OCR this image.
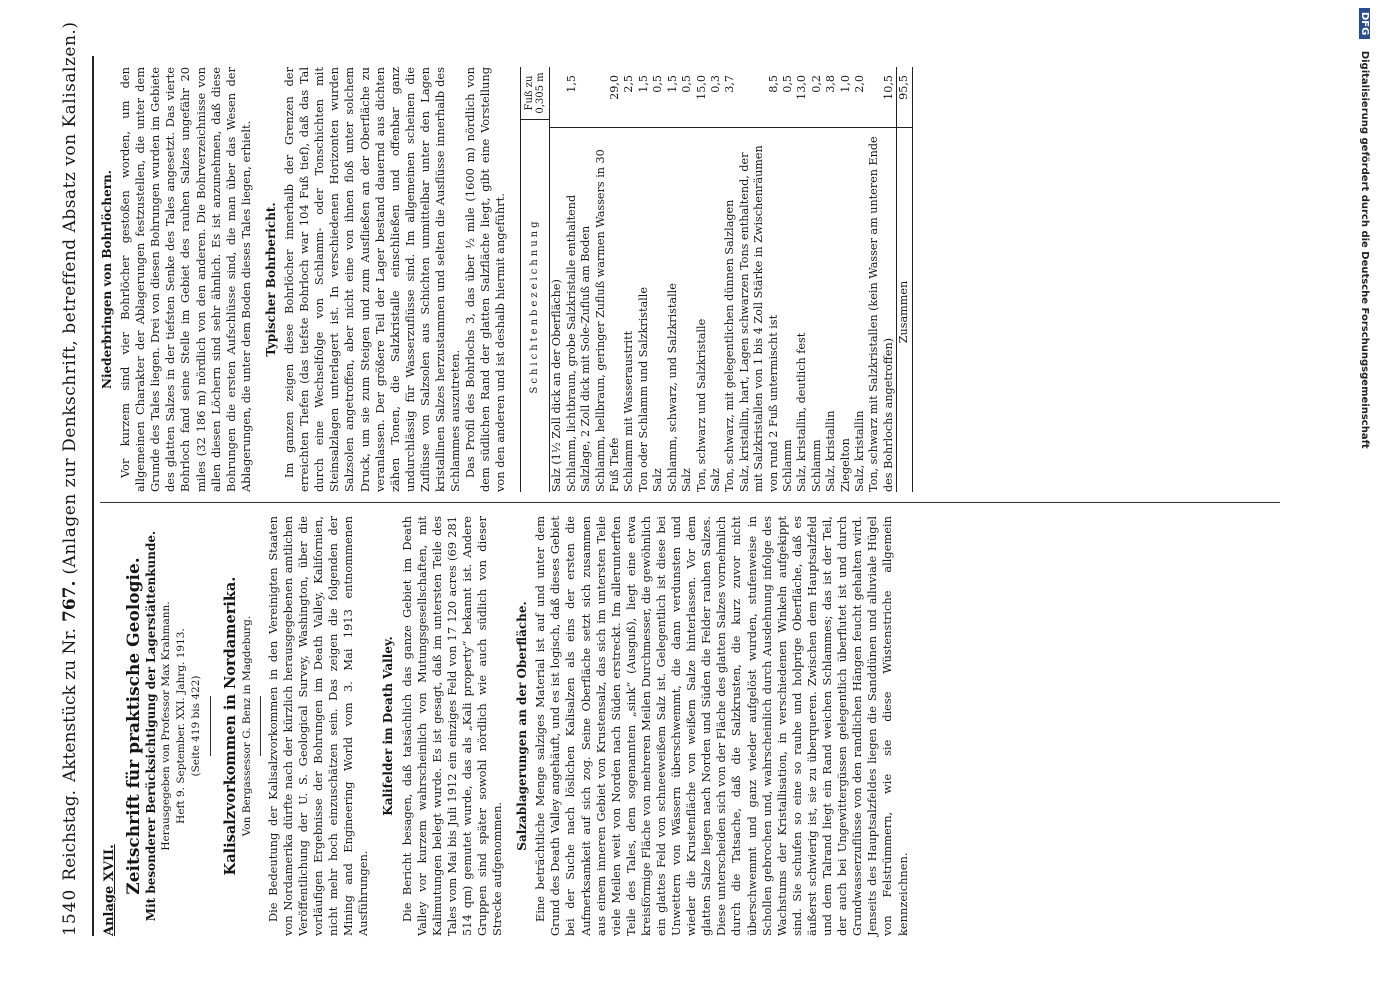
1540
Reichstag.
Aktenstück zu Nr.
767.
(Anlagen zur Denkschrift, betreffend Absatz von Kalisalzen.)

Anlage XVII. Zeitschrift für praktische Geologie. Mit besonderer Berücksichtigung der Lagerstättenkunde. Herausgegeben von Professor Max Krahmann. Heft 9. September. XXI. Jahrg. 1913. (Seite 419 bis 422) Kalisalzvorkommen in Nordamerika. Von Bergassessor G. Benz in Magdeburg. Die Bedeutung der Kalisalzvorkommen in den Vereinigten Staaten von Nordamerika dürfte nach der kürzlich herausgegebenen amtlichen Veröffentlichung der U. S. Geological Survey, Washington, über die vorläufigen Ergebnisse der Bohrungen im Death Valley, Kalifornien, nicht mehr hoch einzuschätzen sein. Das zeigen die folgenden der Mining and Engineering World vom 3. Mai 1913 entnommenen Ausführungen.

Kalifelder im Death Valley. Die Bericht besagen, daß tatsächlich das ganze Gebiet im Death Valley vor kurzem wahrscheinlich von Mutungsgesellschaften, mit Kalimutungen belegt wurde. Es ist gesagt, daß im untersten Teile des Tales vom Mai bis Juli 1912 ein einziges Feld von 17 120 acres (69 281 514 qm) gemutet wurde, das als „Kali property“ bekannt ist. Andere Gruppen sind später sowohl nördlich wie auch südlich von dieser Strecke aufgenommen.

Salzablagerungen an der Oberfläche. Eine beträchtliche Menge salziges Material ist auf und unter dem Grund des Death Valley angehäuft, und es ist logisch, daß dieses Gebiet bei der Suche nach löslichen Kalisalzen als eins der ersten die Aufmerksamkeit auf sich zog. Seine Oberfläche setzt sich zusammen aus einem inneren Gebiet von Krustensalz, das sich im untersten Teile viele Meilen weit von Norden nach Süden erstreckt. Im allerunterften Teile des Tales, dem sogenannten „sink“ (Ausguß), liegt eine etwa kreisförmige Fläche von mehreren Meilen Durchmesser, die gewöhnlich ein glattes Feld von schneeweißem Salz ist. Gelegentlich ist diese bei Unwettern von Wässern überschwemmt, die dann verdunsten und wieder die Krustenfläche von weißem Salze hinterlassen. Vor dem glatten Salze liegen nach Norden und Süden die Felder rauhen Salzes. Diese unterscheiden sich von der Fläche des glatten Salzes vornehmlich durch die Tatsache, daß die Salzkrusten, die kurz zuvor nicht überschwemmt und ganz wieder aufgelöst wurden, stufenweise in Schollen gebrochen und, wahrscheinlich durch Ausdehnung infolge des Wachstums der Kristallisation, in verschiedenen Winkeln aufgekippt sind. Sie schufen so eine so rauhe und holprige Oberfläche, daß es äußerst schwierig ist, sie zu überqueren. Zwischen dem Hauptsalzfeld und dem Talrand liegt ein Rand weichen Schlammes; das ist der Teil, der auch bei Ungewittergüssen gelegentlich überflutet ist und durch Grundwasserzuflüsse von den randlichen Hängen feucht gehalten wird. Jenseits des Hauptsalzfeldes liegen die Sanddünen und alluviale Hügel von Felstrümmern, wie sie diese Wüstenstriche allgemein kennzeichnen.

Niederbringen von Bohrlöchern. Vor kurzem sind vier Bohrlöcher gestoßen worden, um den allgemeinen Charakter der Ablagerungen festzustellen, die unter dem Grunde des Tales liegen. Drei von diesen Bohrungen wurden im Gebiete des glatten Salzes in der tiefsten Senke des Tales angesetzt. Das vierte Bohrloch fand seine Stelle im Gebiet des rauhen Salzes ungefähr 20 miles (32 186 m) nördlich von den anderen. Die Bohrverzeichnisse von allen diesen Löchern sind sehr ähnlich. Es ist anzunehmen, daß diese Bohrungen die ersten Aufschlüsse sind, die man über das Wesen der Ablagerungen, die unter dem Boden dieses Tales liegen, erhielt. Typischer Bohrbericht. Im ganzen zeigen diese Bohrlöcher innerhalb der Grenzen der erreichten Tiefen (das tiefste Bohrloch war 104 Fuß tief), daß das Tal durch eine Wechselfolge von Schlamm- oder Tonschichten mit Steinsalzlagen unterlagert ist. In verschiedenen Horizonten wurden Salzsolen angetroffen, aber nicht eine von ihnen floß unter solchem Druck, um sie zum Steigen und zum Ausfließen an der Oberfläche zu veranlassen. Der größere Teil der Lager bestand dauernd aus dichten zähen Tonen, die Salzkristalle einschließen und offenbar ganz undurchlässig für Wasserzuflüsse sind. Im allgemeinen scheinen die Zuflüsse von Salzsolen aus Schichten unmittelbar unter den Lagen kristallinen Salzes herzustammen und selten die Ausflüsse innerhalb des Schlammes auszutreten. Das Profil des Bohrlochs 3, das über ½ mile (1600 m) nördlich von dem südlichen Rand der glatten Salzfläche liegt, gibt eine Vorstellung von den anderen und ist deshalb hiermit angeführt.	Schichtenbezeichnung
Fuß zu 0,305 m
Salz (1½ Zoll dick an der Oberfläche) Schlamm, lichtbraun, grobe Salzkristalle enthaltend
1,5
Salzlage, 2 Zoll dick mit Sole-Zufluß am Boden Schlamm, hellbraun, geringer Zufluß warmen Wassers in 30 Fuß Tiefe
29,0
Schlamm mit Wasseraustritt
2,5
Ton oder Schlamm und Salzkristalle
1,5
Salz
0,5
Schlamm, schwarz, und Salzkristalle
1,5
Salz
0,5
Ton, schwarz und Salzkristalle
15,0
Salz
0,3
Ton, schwarz, mit gelegentlichen dünnen Salzlagen
3,7
Salz, kristallin, hart, Lagen schwarzen Tons enthaltend, der mit Salzkristallen von 1 bis 4 Zoll Stärke in Zwischenräumen von rund 2 Fuß untermischt ist
8,5
Schlamm
0,5
Salz, kristallin, deutlich fest
13,0
Schlamm
0,2
Salz, kristallin
3,8
Ziegelton
1,0
Salz, kristallin
2,0
Ton, schwarz mit Salzkristallen (kein Wasser am unteren Ende des Bohrlochs angetroffen)
10,5
Zusammen
95,5
DFG Digitalisierung gefördert durch die Deutsche Forschungsgemeinschaft
